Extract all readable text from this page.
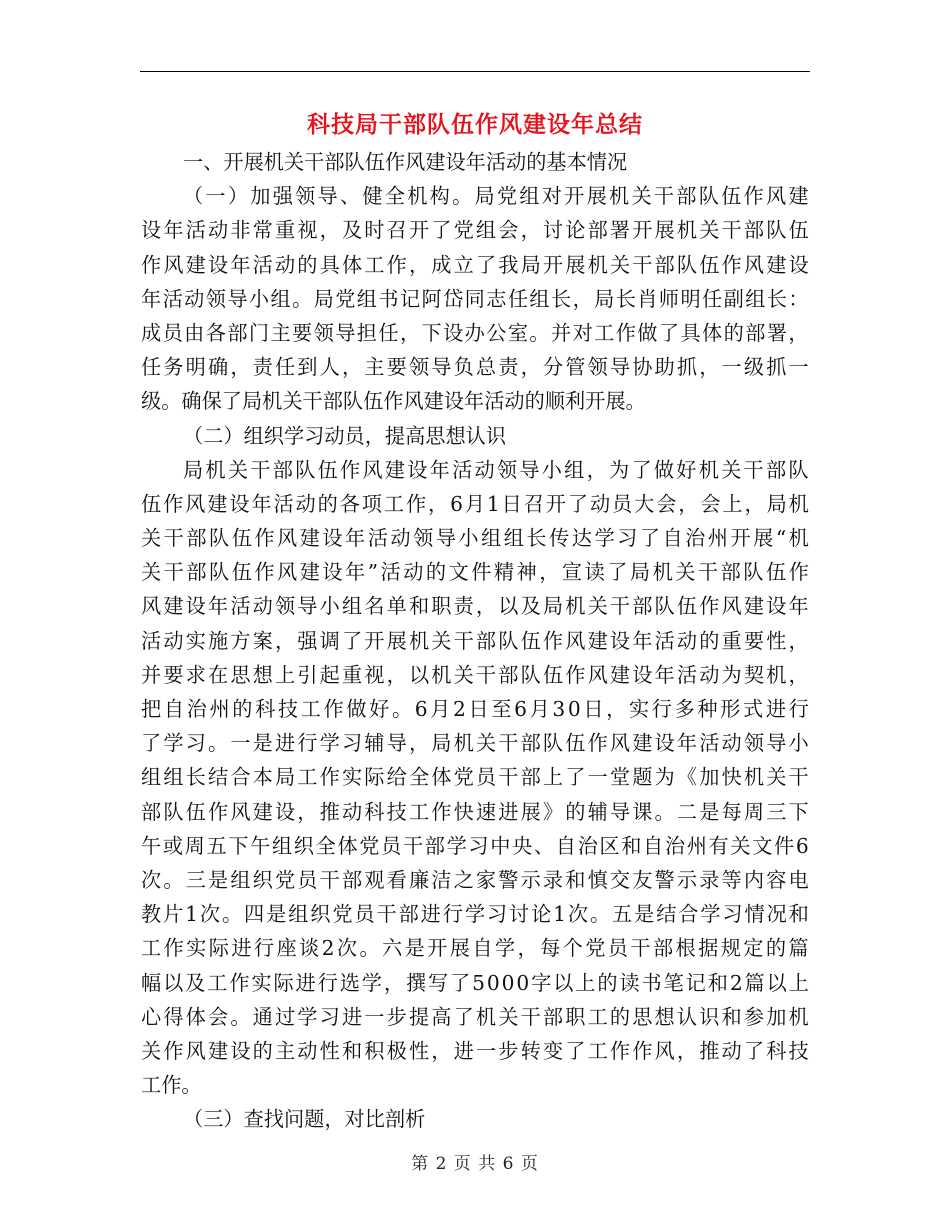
科技局干部队伍作风建设年总结
一、开展机关干部队伍作风建设年活动的基本情况
（ 一 ） 加 强 领 导 、 健 全 机 构 。 局 党 组 对 开 展 机 关 干 部 队 伍 作 风 建
设 年 活 动 非 常 重 视 ， 及 时 召 开 了 党 组 会 ， 讨 论 部 署 开 展 机 关 干 部 队 伍
作 风 建 设 年 活 动 的 具 体 工 作 ， 成 立 了 我 局 开 展 机 关 干 部 队 伍 作 风 建 设
年 活 动 领 导 小 组 。 局 党 组 书 记 阿 岱 同 志 任 组 长 ， 局 长 肖 师 明 任 副 组 长 ：
成 员 由 各 部 门 主 要 领 导 担 任 ， 下 设 办 公 室 。 并 对 工 作 做 了 具 体 的 部 署 ，
任 务 明 确 ， 责 任 到 人 ， 主 要 领 导 负 总 责 ， 分 管 领 导 协 助 抓 ， 一 级 抓 一
级。确保了局机关干部队伍作风建设年活动的顺利开展。
（二）组织学习动员，提高思想认识
局 机 关 干 部 队 伍 作 风 建 设 年 活 动 领 导 小 组 ， 为 了 做 好 机 关 干 部 队
伍 作 风 建 设 年 活 动 的 各 项 工 作 ， 6 月 1 日 召 开 了 动 员 大 会 ， 会 上 ， 局 机
关 干 部 队 伍 作 风 建 设 年 活 动 领 导 小 组 组 长 传 达 学 习 了 自 治 州 开 展 “ 机
关 干 部 队 伍 作 风 建 设 年 ” 活 动 的 文 件 精 神 ， 宣 读 了 局 机 关 干 部 队 伍 作
风 建 设 年 活 动 领 导 小 组 名 单 和 职 责 ， 以 及 局 机 关 干 部 队 伍 作 风 建 设 年
活 动 实 施 方 案 ， 强 调 了 开 展 机 关 干 部 队 伍 作 风 建 设 年 活 动 的 重 要 性 ，
并 要 求 在 思 想 上 引 起 重 视 ， 以 机 关 干 部 队 伍 作 风 建 设 年 活 动 为 契 机 ，
把 自 治 州 的 科 技 工 作 做 好 。 6 月 2 日 至 6 月 3 0 日 ， 实 行 多 种 形 式 进 行
了 学 习 。 一 是 进 行 学 习 辅 导 ， 局 机 关 干 部 队 伍 作 风 建 设 年 活 动 领 导 小
组 组 长 结 合 本 局 工 作 实 际 给 全 体 党 员 干 部 上 了 一 堂 题 为 《 加 快 机 关 干
部 队 伍 作 风 建 设 ， 推 动 科 技 工 作 快 速 进 展 》 的 辅 导 课 。 二 是 每 周 三 下
午 或 周 五 下 午 组 织 全 体 党 员 干 部 学 习 中 央 、 自 治 区 和 自 治 州 有 关 文 件 6
次 。 三 是 组 织 党 员 干 部 观 看 廉 洁 之 家 警 示 录 和 慎 交 友 警 示 录 等 内 容 电
教 片 1 次 。 四 是 组 织 党 员 干 部 进 行 学 习 讨 论 1 次 。 五 是 结 合 学 习 情 况 和
工 作 实 际 进 行 座 谈 2 次 。 六 是 开 展 自 学 ， 每 个 党 员 干 部 根 据 规 定 的 篇
幅 以 及 工 作 实 际 进 行 选 学 ， 撰 写 了 5 0 0 0 字 以 上 的 读 书 笔 记 和 2 篇 以 上
心 得 体 会 。 通 过 学 习 进 一 步 提 高 了 机 关 干 部 职 工 的 思 想 认 识 和 参 加 机
关 作 风 建 设 的 主 动 性 和 积 极 性 ， 进 一 步 转 变 了 工 作 作 风 ， 推 动 了 科 技
工作。
（三）查找问题，对比剖析
第 2 页 共 6 页
